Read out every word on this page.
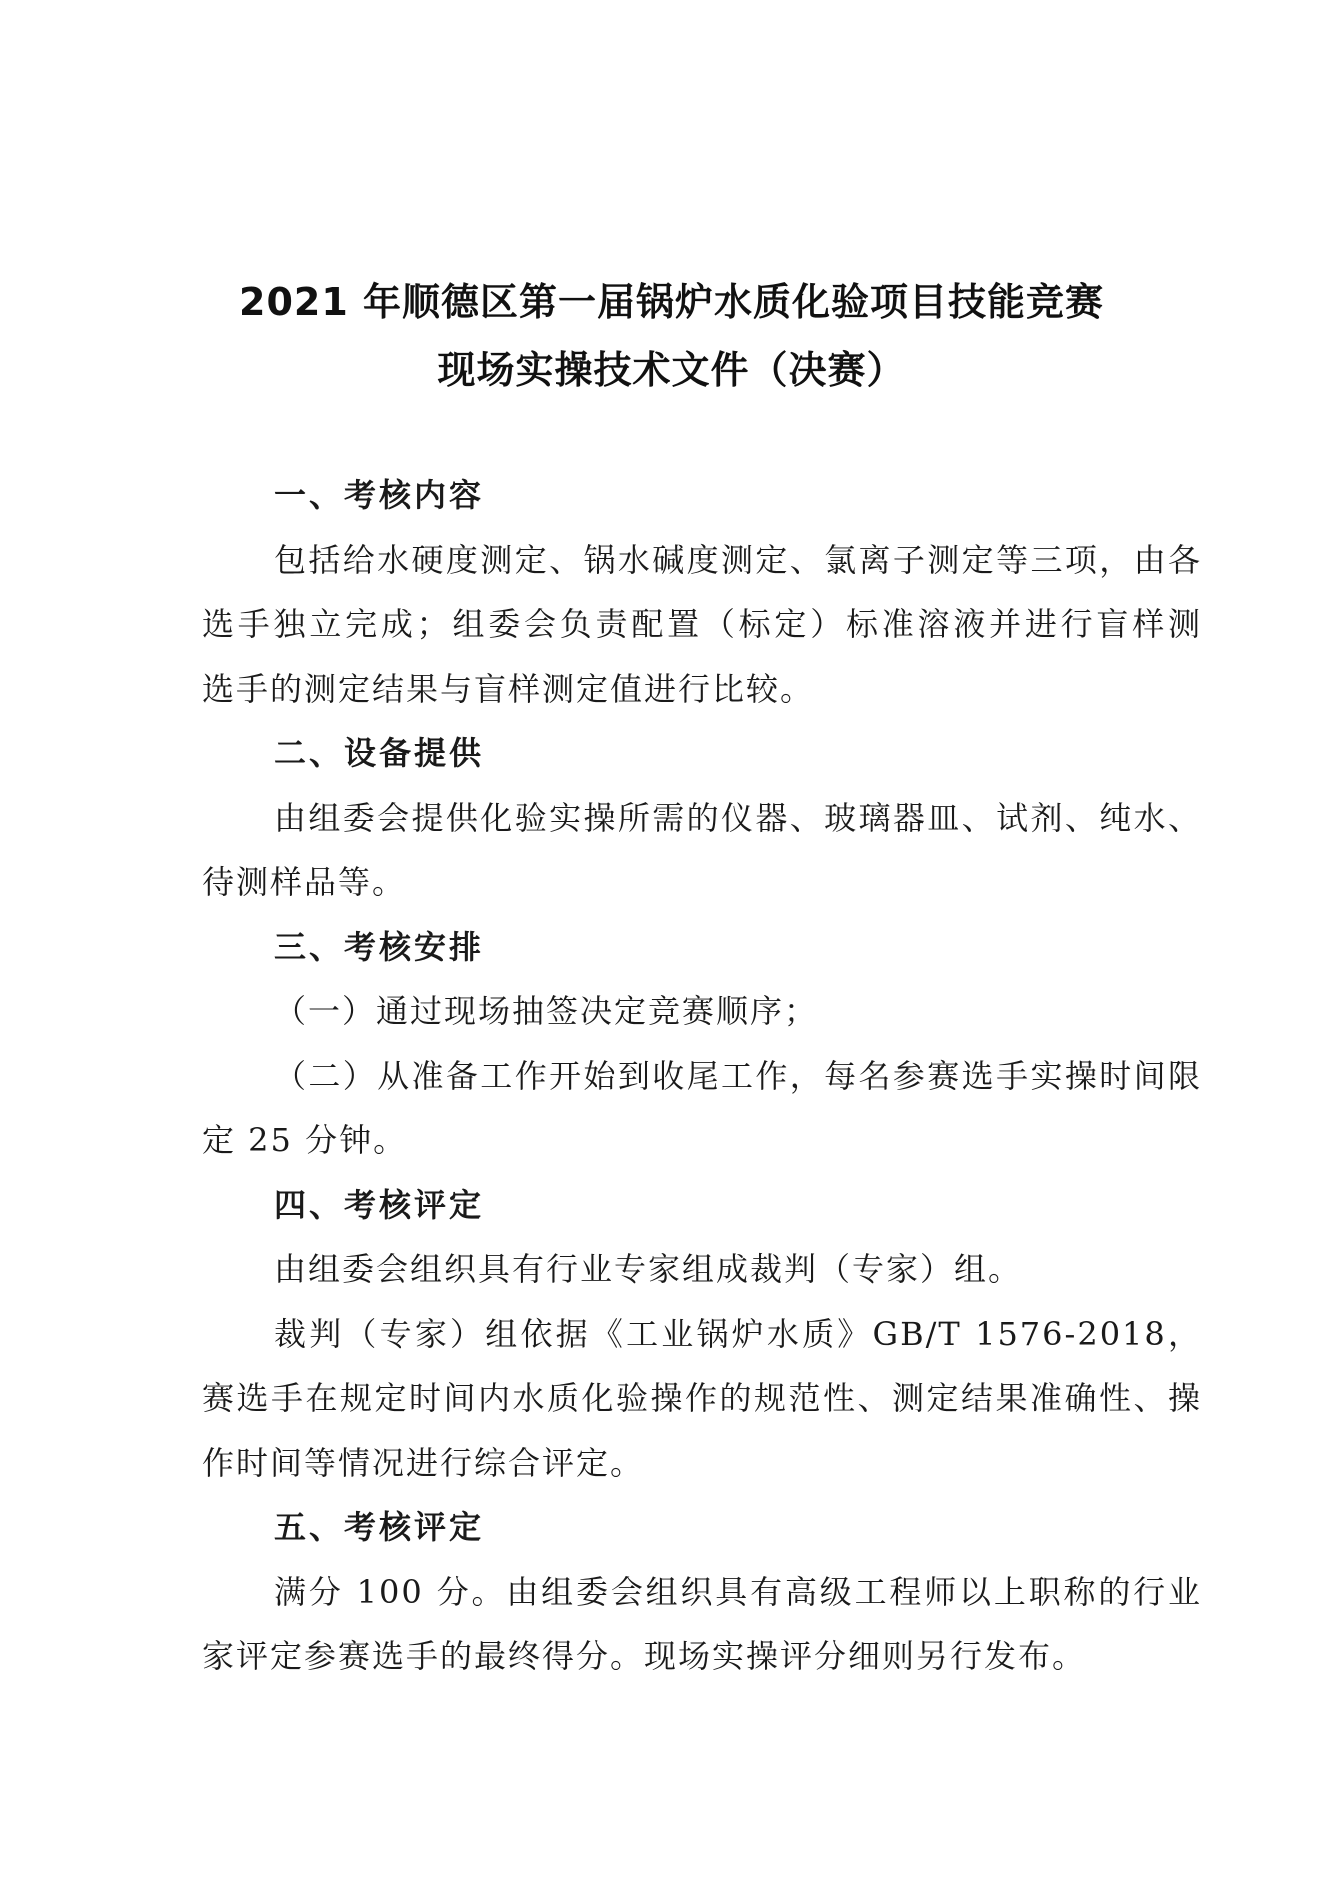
2021 年顺德区第一届锅炉水质化验项目技能竞赛
现场实操技术文件（决赛）
一、考核内容
包括给水硬度测定、锅水碱度测定、氯离子测定等三项，由各
选手独立完成；组委会负责配置（标定）标准溶液并进行盲样测
选手的测定结果与盲样测定值进行比较。
二、设备提供
由组委会提供化验实操所需的仪器、玻璃器皿、试剂、纯水、
待测样品等。
三、考核安排
（一）通过现场抽签决定竞赛顺序；
（二）从准备工作开始到收尾工作，每名参赛选手实操时间限
定 25 分钟。
四、考核评定
由组委会组织具有行业专家组成裁判（专家）组。
裁判（专家）组依据《工业锅炉水质》GB/T 1576-2018，
赛选手在规定时间内水质化验操作的规范性、测定结果准确性、操
作时间等情况进行综合评定。
五、考核评定
满分 100 分。由组委会组织具有高级工程师以上职称的行业
家评定参赛选手的最终得分。现场实操评分细则另行发布。
